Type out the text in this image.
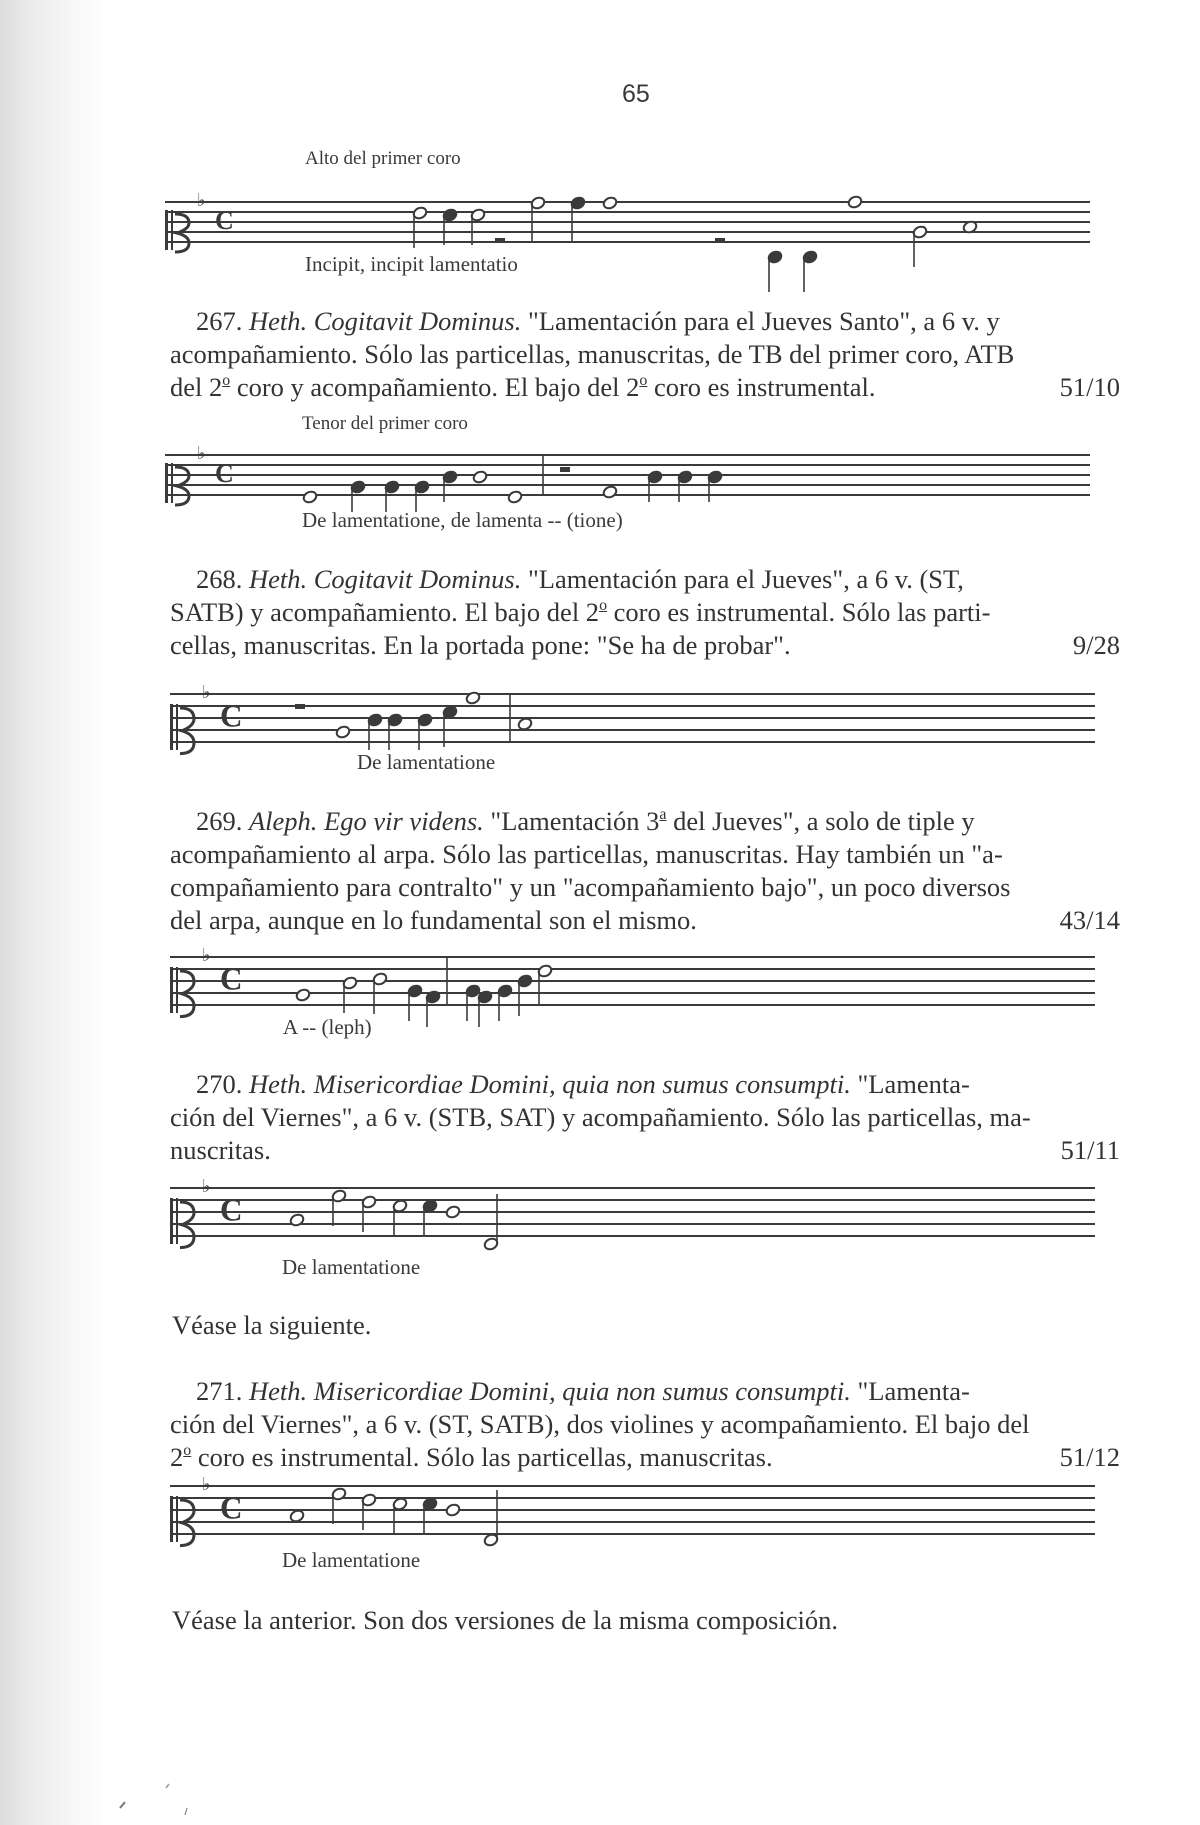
65
Alto del primer coro
♭
C
Incipit, incipit lamentatio
267. Heth. Cogitavit Dominus. "Lamentación para el Jueves Santo", a 6 v. y
acompañamiento. Sólo las particellas, manuscritas, de TB del primer coro, ATB
del 2$^o$ coro y acompañamiento. El bajo del 2$^o$ coro es instrumental.	51/10
Tenor del primer coro
♭
C
De lamentatione, de lamenta -- (tione)
268. Heth. Cogitavit Dominus. "Lamentación para el Jueves", a 6 v. (ST,
SATB) y acompañamiento. El bajo del 2$^o$ coro es instrumental. Sólo las parti-
cellas, manuscritas. En la portada pone: "Se ha de probar".	9/28
♭
C
De lamentatione
269. Aleph. Ego vir videns. "Lamentación 3$^a$ del Jueves", a solo de tiple y
acompañamiento al arpa. Sólo las particellas, manuscritas. Hay también un "a-
compañamiento para contralto" y un "acompañamiento bajo", un poco diversos
del arpa, aunque en lo fundamental son el mismo.	43/14
♭
C
A -- (leph)
270. Heth. Misericordiae Domini, quia non sumus consumpti. "Lamenta-
ción del Viernes", a 6 v. (STB, SAT) y acompañamiento. Sólo las particellas, ma-
nuscritas.	51/11
♭
C
De lamentatione
Véase la siguiente.
271. Heth. Misericordiae Domini, quia non sumus consumpti. "Lamenta-
ción del Viernes", a 6 v. (ST, SATB), dos violines y acompañamiento. El bajo del
2$^o$ coro es instrumental. Sólo las particellas, manuscritas.	51/12
♭
C
De lamentatione
Véase la anterior. Son dos versiones de la misma composición.
